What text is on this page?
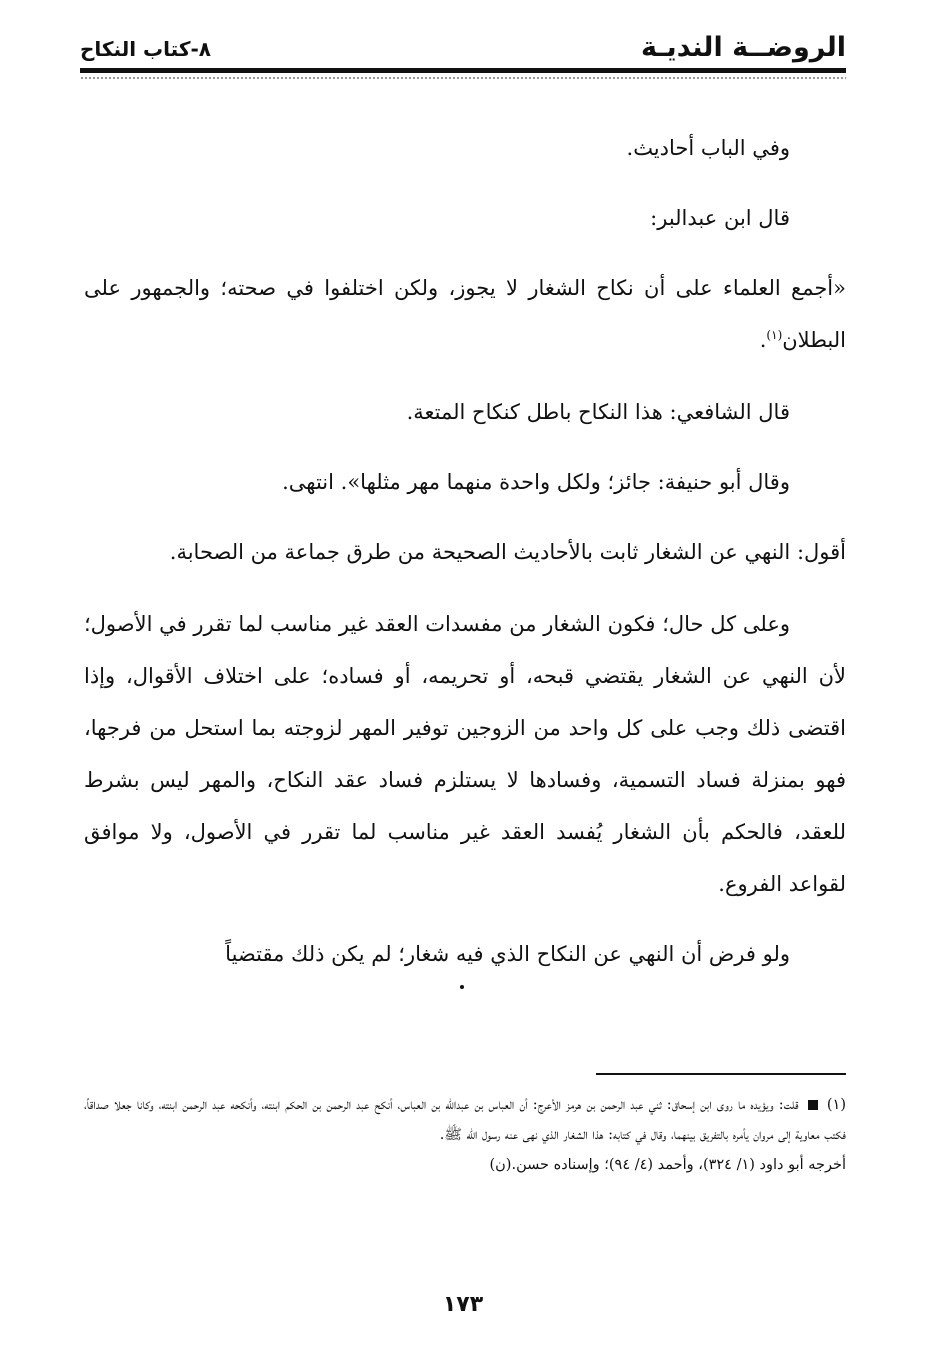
الروضــة النديـة
٨-كتاب النكاح

وفي الباب أحاديث.

قال ابن عبدالبر:

«أجمع العلماء على أن نكاح الشغار لا يجوز، ولكن اختلفوا في صحته؛ والجمهور على البطلان$^{(١)}$.

قال الشافعي: هذا النكاح باطل كنكاح المتعة.

وقال أبو حنيفة: جائز؛ ولكل واحدة منهما مهر مثلها». انتهى.

أقول: النهي عن الشغار ثابت بالأحاديث الصحيحة من طرق جماعة من الصحابة.

وعلى كل حال؛ فكون الشغار من مفسدات العقد غير مناسب لما تقرر في الأصول؛ لأن النهي عن الشغار يقتضي قبحه، أو تحريمه، أو فساده؛ على اختلاف الأقوال، وإذا اقتضى ذلك وجب على كل واحد من الزوجين توفير المهر لزوجته بما استحل من فرجها، فهو بمنزلة فساد التسمية، وفسادها لا يستلزم فساد عقد النكاح، والمهر ليس بشرط للعقد، فالحكم بأن الشغار يُفسد العقد غير مناسب لما تقرر في الأصول، ولا موافق لقواعد الفروع.

ولو فرض أن النهي عن النكاح الذي فيه شغار؛ لم يكن ذلك مقتضياً

(١)  قلت: ويؤيده ما روى ابن إسحاق: ثني عبد الرحمن بن هرمز الأعرج: أن العباس بن عبدالله بن العباس، أنكح عبد الرحمن بن الحكم ابنته، وأنكحه عبد الرحمن ابنته، وكانا جعلا صداقاً، فكتب معاوية إلى مروان يأمره بالتفريق بينهما، وقال في كتابه: هذا الشغار الذي نهى عنه رسول الله ﷺ.

أخرجه أبو داود (١/ ٣٢٤)، وأحمد (٤/ ٩٤)؛ وإسناده حسن.(ن)

١٧٣
